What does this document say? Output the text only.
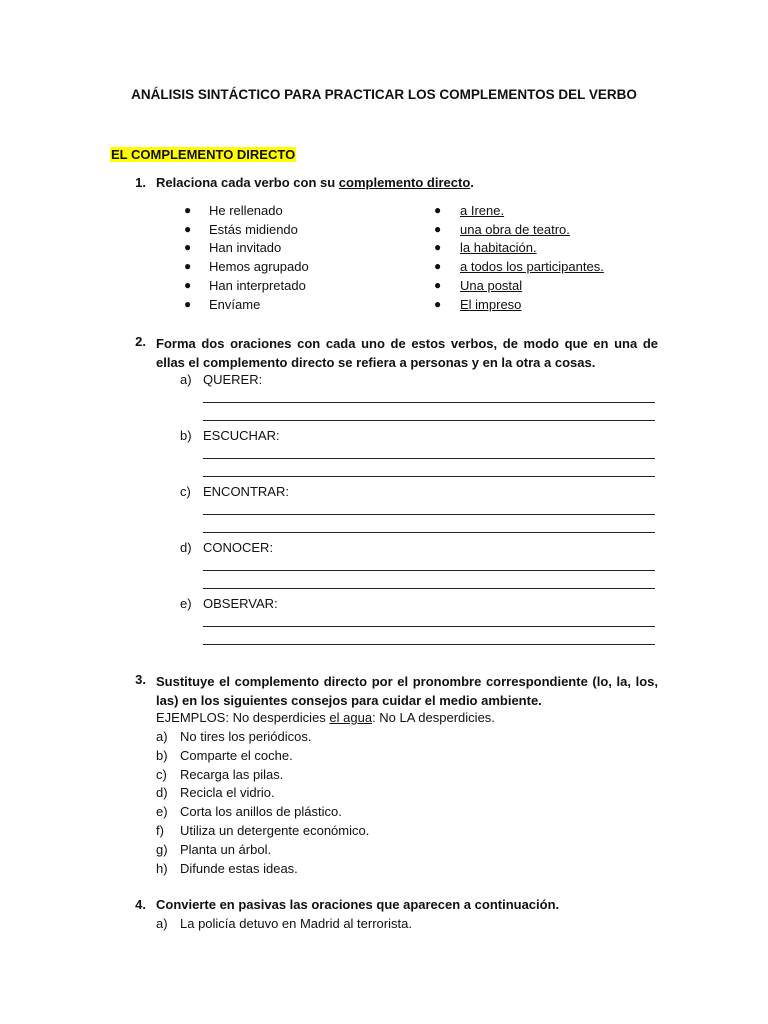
ANÁLISIS SINTÁCTICO PARA PRACTICAR LOS COMPLEMENTOS DEL VERBO
EL COMPLEMENTO DIRECTO
1. Relaciona cada verbo con su complemento directo.
● He rellenado
● Estás midiendo
● Han invitado
● Hemos agrupado
● Han interpretado
● Envíame
● a Irene.
● una obra de teatro.
● la habitación.
● a todos los participantes.
● Una postal
● El impreso
2. Forma dos oraciones con cada uno de estos verbos, de modo que en una de ellas el complemento directo se refiera a personas y en la otra a cosas.
a) QUERER:
b) ESCUCHAR:
c) ENCONTRAR:
d) CONOCER:
e) OBSERVAR:
3. Sustituye el complemento directo por el pronombre correspondiente (lo, la, los, las) en los siguientes consejos para cuidar el medio ambiente.
EJEMPLOS: No desperdicies el agua: No LA desperdicies.
a) No tires los periódicos.
b) Comparte el coche.
c) Recarga las pilas.
d) Recicla el vidrio.
e) Corta los anillos de plástico.
f) Utiliza un detergente económico.
g) Planta un árbol.
h) Difunde estas ideas.
4. Convierte en pasivas las oraciones que aparecen a continuación.
a) La policía detuvo en Madrid al terrorista.
